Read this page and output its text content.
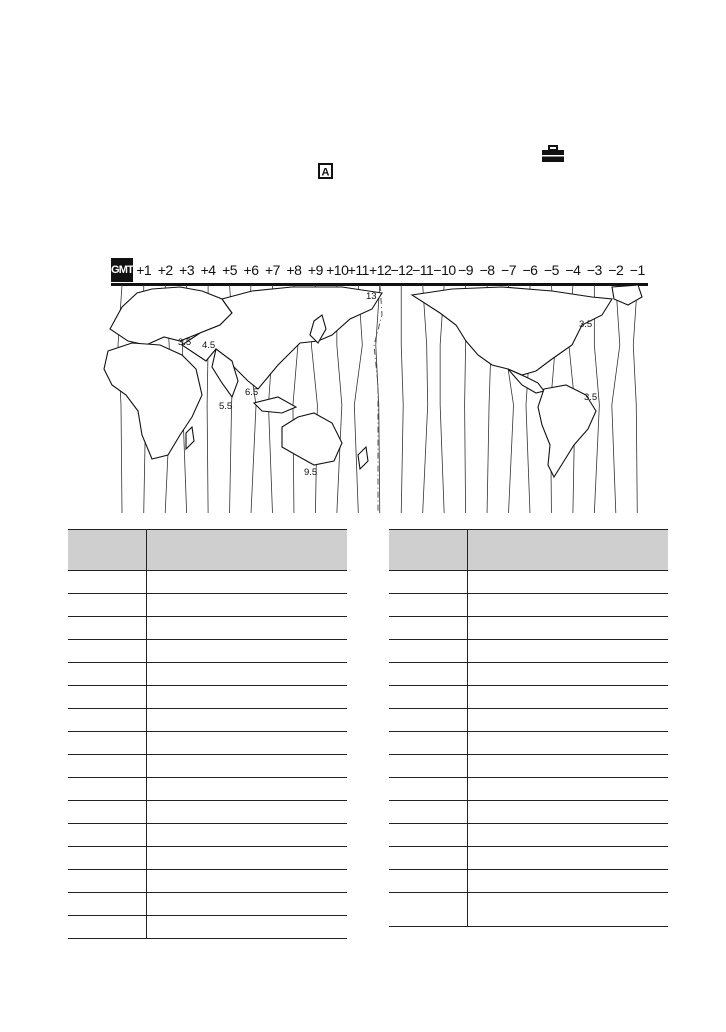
A
GMT +1 +2 +3 +4 +5 +6 +7 +8 +9 +10 +11 +12 −12 −11 −10 −9 −8 −7 −6 −5 −4 −3 −2 −1
13
3.5 4.5
3.5
5.5
6.5
9.5
3.5
